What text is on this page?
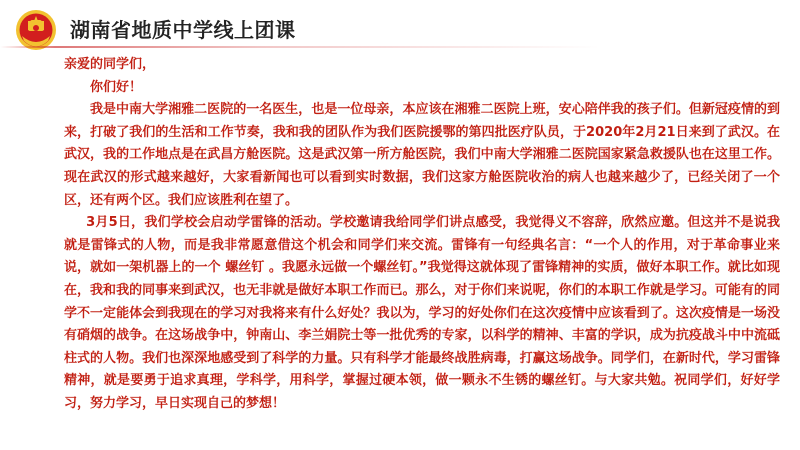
湖南省地质中学线上团课

亲爱的同学们，

你们好！

我是中南大学湘雅二医院的一名医生，也是一位母亲，本应该在湘雅二医院上班，安心陪伴我的孩子们。但新冠疫情的到来，打破了我们的生活和工作节奏，我和我的团队作为我们医院援鄂的第四批医疗队员，于2020年2月21日来到了武汉。在武汉，我的工作地点是在武昌方舱医院。这是武汉第一所方舱医院，我们中南大学湘雅二医院国家紧急救援队也在这里工作。现在武汉的形式越来越好，大家看新闻也可以看到实时数据，我们这家方舱医院收治的病人也越来越少了，已经关闭了一个区，还有两个区。我们应该胜利在望了。

3月5日，我们学校会启动学雷锋的活动。学校邀请我给同学们讲点感受，我觉得义不容辞，欣然应邀。但这并不是说我就是雷锋式的人物，而是我非常愿意借这个机会和同学们来交流。雷锋有一句经典名言：“一个人的作用，对于革命事业来说，就如一架机器上的一个 螺丝钉 。我愿永远做一个螺丝钉。”我觉得这就体现了雷锋精神的实质，做好本职工作。就比如现在，我和我的同事来到武汉，也无非就是做好本职工作而已。那么，对于你们来说呢，你们的本职工作就是学习。可能有的同学不一定能体会到我现在的学习对我将来有什么好处？我以为，学习的好处你们在这次疫情中应该看到了。这次疫情是一场没有硝烟的战争。在这场战争中，钟南山、李兰娟院士等一批优秀的专家，以科学的精神、丰富的学识，成为抗疫战斗中中流砥柱式的人物。我们也深深地感受到了科学的力量。只有科学才能最终战胜病毒，打赢这场战争。同学们，在新时代，学习雷锋精神，就是要勇于追求真理，学科学，用科学，掌握过硬本领，做一颗永不生锈的螺丝钉。与大家共勉。祝同学们，好好学习，努力学习，早日实现自己的梦想！
